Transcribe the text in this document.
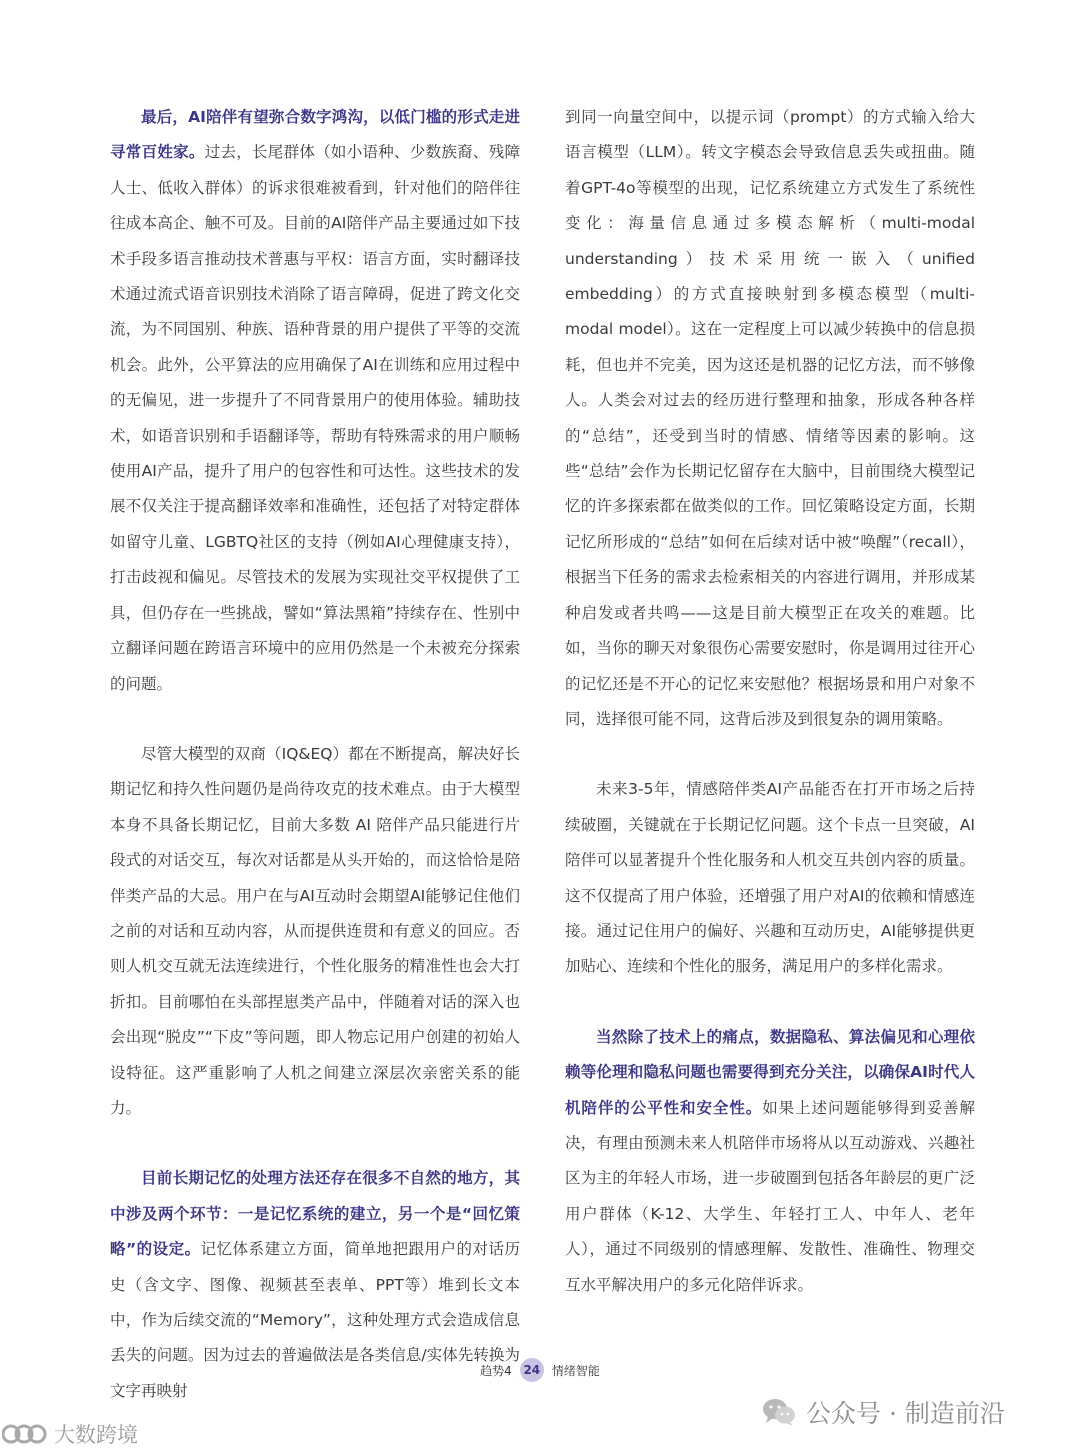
最后，AI陪伴有望弥合数字鸿沟，以低门槛的形式走进寻常百姓家。过去，长尾群体（如小语种、少数族裔、残障人士、低收入群体）的诉求很难被看到，针对他们的陪伴往往成本高企、触不可及。目前的AI陪伴产品主要通过如下技术手段多语言推动技术普惠与平权：语言方面，实时翻译技术通过流式语音识别技术消除了语言障碍，促进了跨文化交流，为不同国别、种族、语种背景的用户提供了平等的交流机会。此外，公平算法的应用确保了AI在训练和应用过程中的无偏见，进一步提升了不同背景用户的使用体验。辅助技术，如语音识别和手语翻译等，帮助有特殊需求的用户顺畅使用AI产品，提升了用户的包容性和可达性。这些技术的发展不仅关注于提高翻译效率和准确性，还包括了对特定群体如留守儿童、LGBTQ社区的支持（例如AI心理健康支持），打击歧视和偏见。尽管技术的发展为实现社交平权提供了工具，但仍存在一些挑战，譬如“算法黑箱”持续存在、性别中立翻译问题在跨语言环境中的应用仍然是一个未被充分探索的问题。

尽管大模型的双商（IQ&EQ）都在不断提高，解决好长期记忆和持久性问题仍是尚待攻克的技术难点。由于大模型本身不具备长期记忆，目前大多数 AI 陪伴产品只能进行片段式的对话交互，每次对话都是从头开始的，而这恰恰是陪伴类产品的大忌。用户在与AI互动时会期望AI能够记住他们之前的对话和互动内容，从而提供连贯和有意义的回应。否则人机交互就无法连续进行，个性化服务的精准性也会大打折扣。目前哪怕在头部捏崽类产品中，伴随着对话的深入也会出现“脱皮”“下皮”等问题，即人物忘记用户创建的初始人设特征。这严重影响了人机之间建立深层次亲密关系的能力。

目前长期记忆的处理方法还存在很多不自然的地方，其中涉及两个环节：一是记忆系统的建立，另一个是“回忆策略”的设定。记忆体系建立方面，简单地把跟用户的对话历史（含文字、图像、视频甚至表单、PPT等）堆到长文本中，作为后续交流的“Memory”，这种处理方式会造成信息丢失的问题。因为过去的普遍做法是各类信息/实体先转换为文字再映射

到同一向量空间中，以提示词（prompt）的方式输入给大语言模型（LLM）。转文字模态会导致信息丢失或扭曲。随着GPT-4o等模型的出现，记忆系统建立方式发生了系统性变化：海量信息通过多模态解析（multi-modal understanding）技术采用统一嵌入（unified embedding）的方式直接映射到多模态模型（multi-modal model）。这在一定程度上可以减少转换中的信息损耗，但也并不完美，因为这还是机器的记忆方法，而不够像人。人类会对过去的经历进行整理和抽象，形成各种各样的“总结”，还受到当时的情感、情绪等因素的影响。这些“总结”会作为长期记忆留存在大脑中，目前围绕大模型记忆的许多探索都在做类似的工作。回忆策略设定方面，长期记忆所形成的“总结”如何在后续对话中被“唤醒”（recall），根据当下任务的需求去检索相关的内容进行调用，并形成某种启发或者共鸣——这是目前大模型正在攻关的难题。比如，当你的聊天对象很伤心需要安慰时，你是调用过往开心的记忆还是不开心的记忆来安慰他？根据场景和用户对象不同，选择很可能不同，这背后涉及到很复杂的调用策略。

未来3-5年，情感陪伴类AI产品能否在打开市场之后持续破圈，关键就在于长期记忆问题。这个卡点一旦突破，AI陪伴可以显著提升个性化服务和人机交互共创内容的质量。这不仅提高了用户体验，还增强了用户对AI的依赖和情感连接。通过记住用户的偏好、兴趣和互动历史，AI能够提供更加贴心、连续和个性化的服务，满足用户的多样化需求。

当然除了技术上的痛点，数据隐私、算法偏见和心理依赖等伦理和隐私问题也需要得到充分关注，以确保AI时代人机陪伴的公平性和安全性。如果上述问题能够得到妥善解决，有理由预测未来人机陪伴市场将从以互动游戏、兴趣社区为主的年轻人市场，进一步破圈到包括各年龄层的更广泛用户群体（K-12、大学生、年轻打工人、中年人、老年人），通过不同级别的情感理解、发散性、准确性、物理交互水平解决用户的多元化陪伴诉求。

趋势4 24 情绪智能
公众号 · 制造前沿
大数跨境
